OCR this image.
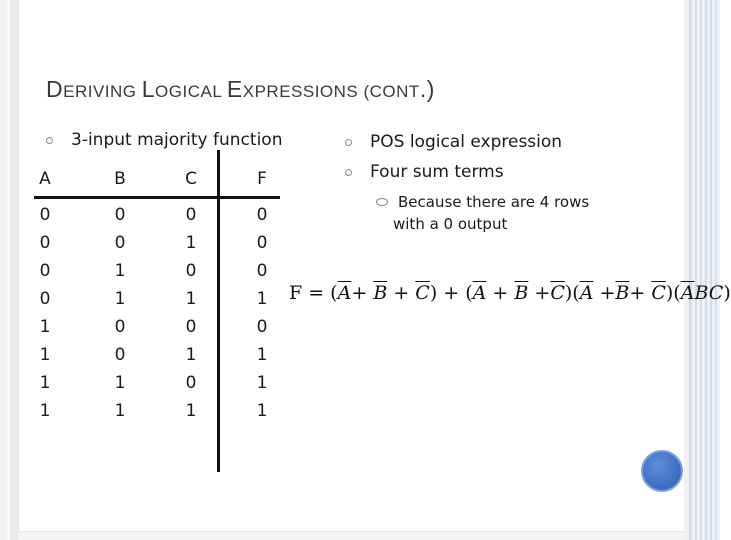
DERIVING LOGICAL EXPRESSIONS (CONT.)
3-input majority function	POS logical expression
Four sum terms
Because there are 4 rows
with a 0 output
A	B	C	F
0	0	0	0
0	0	1	0
0	1	0	0
0	1	1	1
1	0	0	0
1	0	1	1
1	1	0	1
1	1	1	1
$F = (\overline{A}+ \overline{B} + \overline{C}) + (\overline{A} + \overline{B} +\overline{C})(\overline{A} +\overline{B}+ \overline{C})(\overline{A}BC)$
